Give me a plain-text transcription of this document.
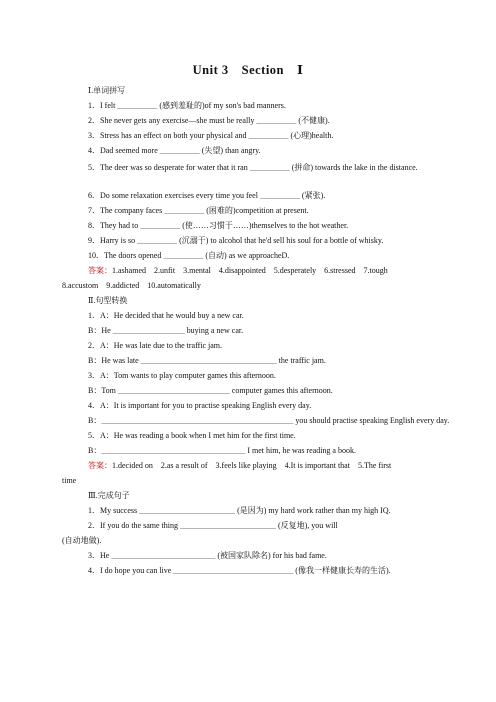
Unit 3　Section　Ⅰ
Ⅰ.单词拼写
1．I felt ＿＿＿＿＿ (感到羞耻的)of my son's bad manners.
2．She never gets any exercise—she must be really ＿＿＿＿＿ (不健康).
3．Stress has an effect on both your physical and ＿＿＿＿＿ (心理)health.
4．Dad seemed more ＿＿＿＿＿ (失望) than angry.
5．The deer was so desperate for water that it ran ＿＿＿＿＿ (拼命) towards the lake in the distance.
6．Do some relaxation exercises every time you feel ＿＿＿＿＿ (紧张).
7．The company faces ＿＿＿＿＿ (困难的)competition at present.
8．They had to ＿＿＿＿＿ (使……习惯于……)themselves to the hot weather.
9．Harry is so ＿＿＿＿＿ (沉溺于) to alcohol that he'd sell his soul for a bottle of whisky.
10．The doors opened ＿＿＿＿＿ (自动) as we approacheD.
答案：1.ashamed　2.unfit　3.mental　4.disappointed　5.desperately　6.stressed　7.tough
8.accustom　9.addicted　10.automatically
Ⅱ.句型转换
1．A：He decided that he would buy a new car.
B：He ＿＿＿＿＿＿＿＿＿ buying a new car.
2．A：He was late due to the traffic jam.
B：He was late ＿＿＿＿＿＿＿＿＿＿＿＿＿＿＿＿＿ the traffic jam.
3．A：Tom wants to play computer games this afternoon.
B：Tom ＿＿＿＿＿＿＿＿＿＿＿＿＿＿ computer games this afternoon.
4．A：It is important for you to practise speaking English every day.
B：＿＿＿＿＿＿＿＿＿＿＿＿＿＿＿＿＿＿＿＿＿＿＿＿ you should practise speaking English every day.
5．A：He was reading a book when I met him for the first time.
B：＿＿＿＿＿＿＿＿＿＿＿＿＿＿＿＿＿＿ I met him, he was reading a book.
答案：1.decided on　2.as a result of　3.feels like playing　4.It is important that　5.The first
time
Ⅲ.完成句子
1．My success ＿＿＿＿＿＿＿＿＿＿＿＿ (是因为) my hard work rather than my high IQ.
2．If you do the same thing ＿＿＿＿＿＿＿＿＿＿＿＿ (反复地), you will
(自动地做).
3．He ＿＿＿＿＿＿＿＿＿＿＿＿＿ (被国家队除名) for his bad fame.
4．I do hope you can live ＿＿＿＿＿＿＿＿＿＿＿＿＿＿＿ (像我一样健康长寿的生活).
